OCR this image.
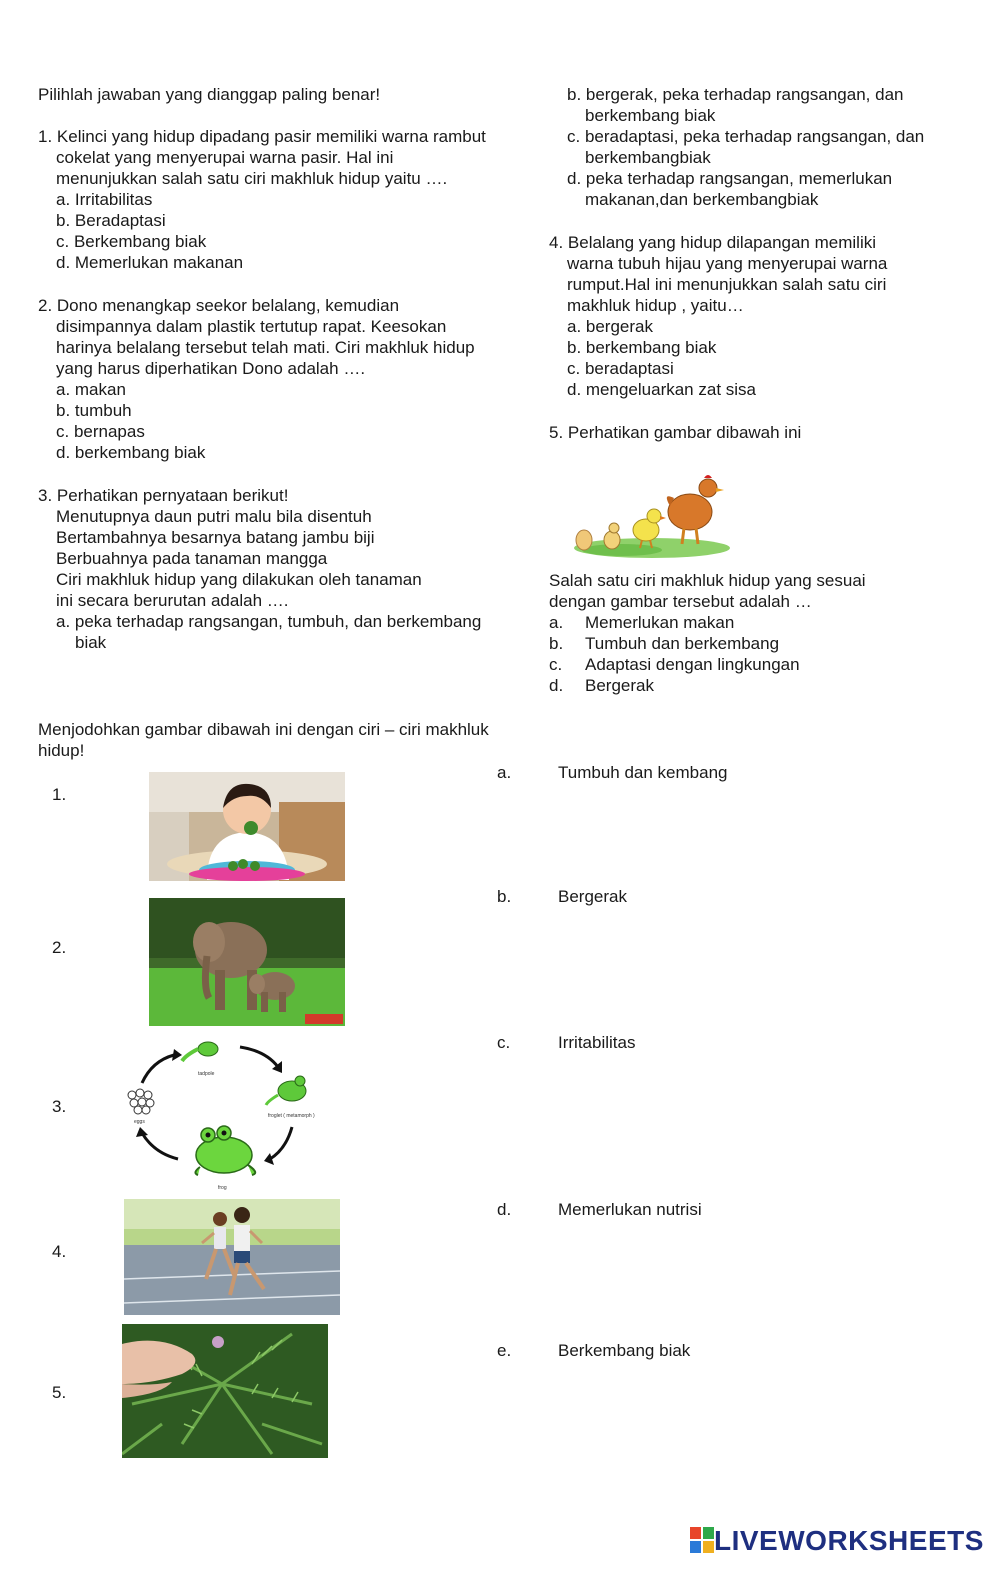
Pilihlah jawaban yang dianggap paling benar!
1. Kelinci yang hidup dipadang pasir memiliki warna rambut
cokelat yang menyerupai warna pasir. Hal ini
menunjukkan salah satu ciri makhluk hidup yaitu ….
a. Irritabilitas
b. Beradaptasi
c. Berkembang biak
d. Memerlukan makanan
2. Dono menangkap seekor belalang, kemudian
disimpannya dalam plastik tertutup rapat. Keesokan
harinya belalang tersebut telah mati. Ciri makhluk hidup
yang harus diperhatikan Dono adalah ….
a. makan
b. tumbuh
c. bernapas
d. berkembang biak
3. Perhatikan pernyataan berikut!
Menutupnya daun putri malu bila disentuh
Bertambahnya besarnya batang jambu biji
Berbuahnya pada tanaman mangga
Ciri makhluk hidup yang dilakukan oleh tanaman
ini secara berurutan adalah ….
a. peka terhadap rangsangan, tumbuh, dan berkembang
biak
b. bergerak, peka terhadap rangsangan, dan
berkembang biak
c. beradaptasi, peka terhadap rangsangan, dan
berkembangbiak
d. peka terhadap rangsangan, memerlukan
makanan,dan berkembangbiak
4. Belalang yang hidup dilapangan memiliki
warna tubuh hijau yang menyerupai warna
rumput.Hal ini menunjukkan salah satu ciri
makhluk hidup , yaitu…
a. bergerak
b. berkembang biak
c. beradaptasi
d. mengeluarkan zat sisa
5. Perhatikan gambar dibawah ini
Salah satu ciri makhluk hidup yang sesuai
dengan gambar tersebut adalah …
a.	Memerlukan makan
b.	Tumbuh dan berkembang
c.	Adaptasi dengan lingkungan
d.	Bergerak
Menjodohkan gambar dibawah ini dengan ciri – ciri makhluk
hidup!
1.
2.
3.
4.
5.
tadpole
froglet ( metamorph )
eggs
frog
a.	Tumbuh dan kembang
b.	Bergerak
c.	Irritabilitas
d.	Memerlukan nutrisi
e.	Berkembang biak
LIVEWORKSHEETS
